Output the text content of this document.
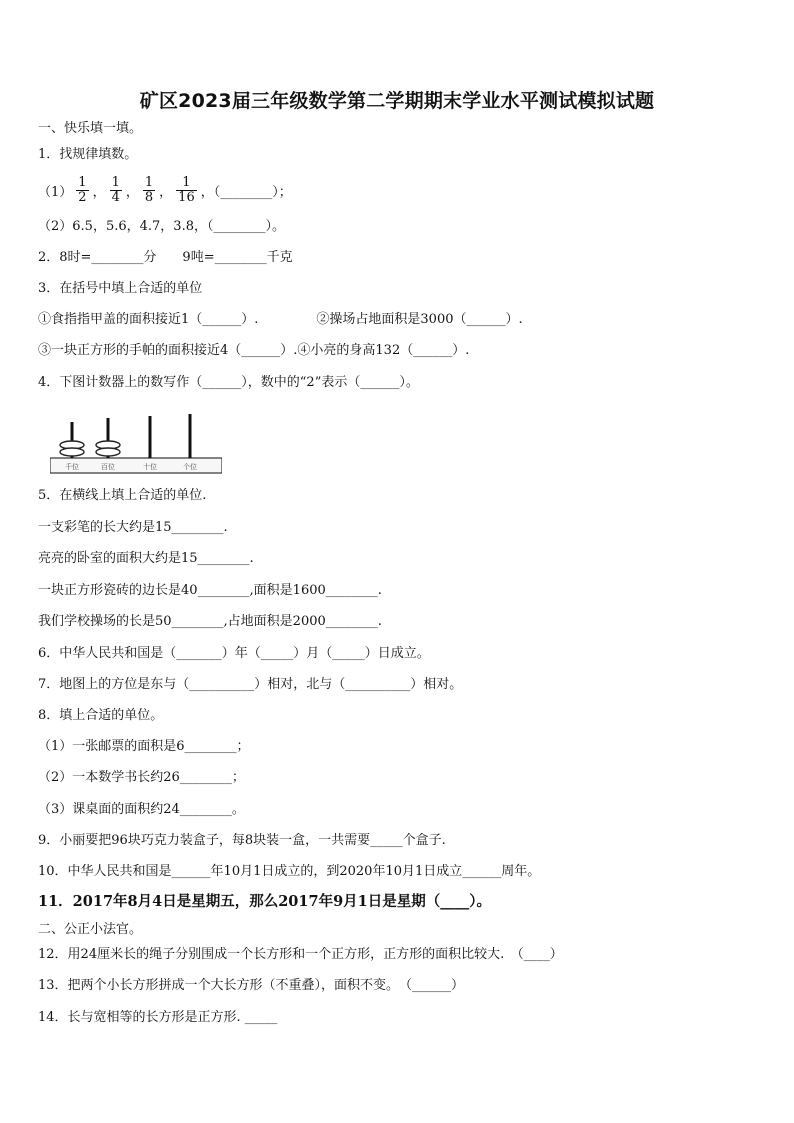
矿区2023届三年级数学第二学期期末学业水平测试模拟试题
一、快乐填一填。
1．找规律填数。
$(1) \frac{1}{2}$ ， $\frac{1}{4}$ ， $\frac{1}{8}$ ， $\frac{1}{16}$ ，（________）；
（2）6.5，5.6，4.7，3.8，（________）。
2．8时=________分　　9吨=________千克
3．在括号中填上合适的单位
①食指指甲盖的面积接近1（______）.	②操场占地面积是3000（______）.
③一块正方形的手帕的面积接近4（______）.④小亮的身高132（______）.
4．下图计数器上的数写作（______），数中的“2”表示（______）。
千位	百位	十位	个位
5．在横线上填上合适的单位.
一支彩笔的长大约是15________.
亮亮的卧室的面积大约是15________.
一块正方形瓷砖的边长是40________,面积是1600________.
我们学校操场的长是50________,占地面积是2000________.
6．中华人民共和国是（_______）年（_____）月（_____）日成立。
7．地图上的方位是东与（__________）相对，北与（__________）相对。
8．填上合适的单位。
（1）一张邮票的面积是6________；
（2）一本数学书长约26________；
（3）课桌面的面积约24________。
9．小丽要把96块巧克力装盒子，每8块装一盒，一共需要_____个盒子.
10．中华人民共和国是______年10月1日成立的，到2020年10月1日成立______周年。
11．2017年8月4日是星期五，那么2017年9月1日是星期（____）。
二、公正小法官。
12．用24厘米长的绳子分别围成一个长方形和一个正方形，正方形的面积比较大.　（____）
13．把两个小长方形拼成一个大长方形（不重叠），面积不变。　（______）
14．长与宽相等的长方形是正方形. _____
